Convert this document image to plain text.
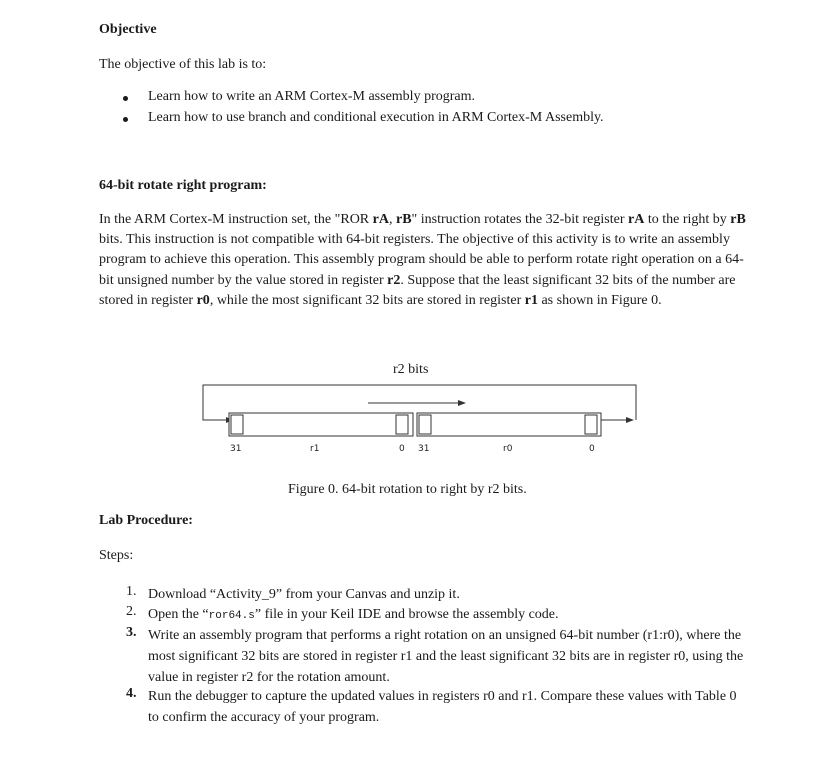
Objective
The objective of this lab is to:
Learn how to write an ARM Cortex-M assembly program.
Learn how to use branch and conditional execution in ARM Cortex-M Assembly.
64-bit rotate right program:
In the ARM Cortex-M instruction set, the "ROR rA, rB" instruction rotates the 32-bit register rA to the right by rB bits. This instruction is not compatible with 64-bit registers. The objective of this activity is to write an assembly program to achieve this operation. This assembly program should be able to perform rotate right operation on a 64-bit unsigned number by the value stored in register r2. Suppose that the least significant 32 bits of the number are stored in register r0, while the most significant 32 bits are stored in register r1 as shown in Figure 0.
r2 bits
31	r1	0 31	r0	0
Figure 0. 64-bit rotation to right by r2 bits.
Lab Procedure:
Steps:
1. Download “Activity_9” from your Canvas and unzip it.
2. Open the “ror64.s” file in your Keil IDE and browse the assembly code.
3. Write an assembly program that performs a right rotation on an unsigned 64-bit number (r1:r0), where the most significant 32 bits are stored in register r1 and the least significant 32 bits are in register r0, using the value in register r2 for the rotation amount.
4. Run the debugger to capture the updated values in registers r0 and r1. Compare these values with Table 0 to confirm the accuracy of your program.
